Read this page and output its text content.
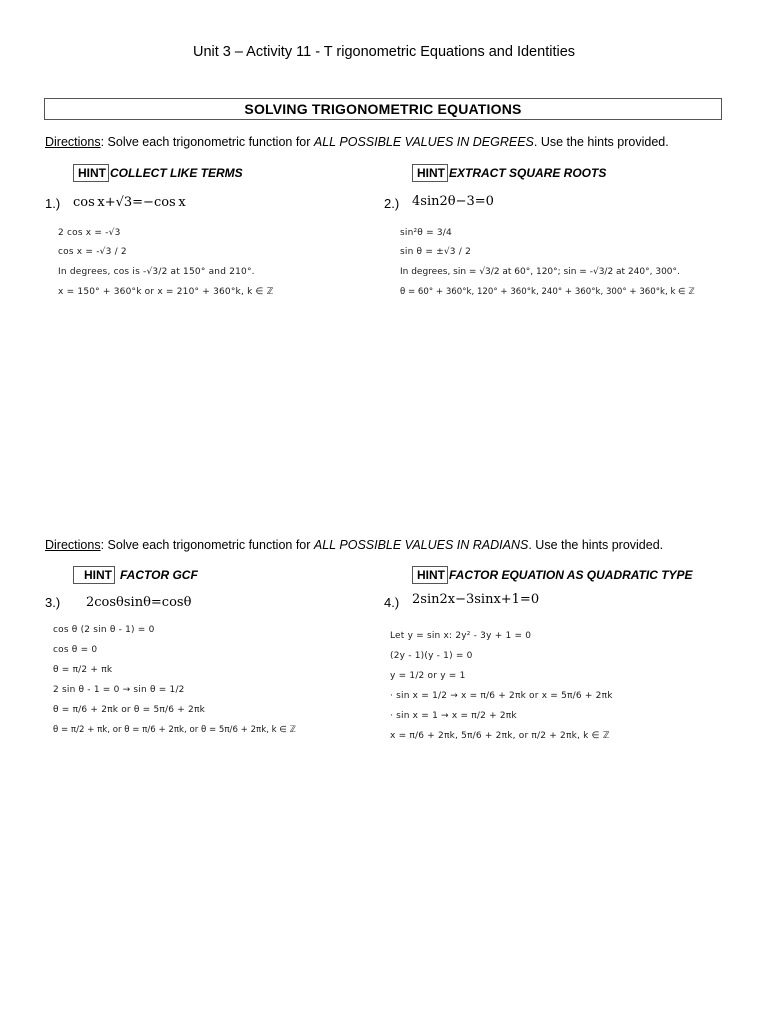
Unit 3 – Activity 11 - T rigonometric Equations and Identities
SOLVING TRIGONOMETRIC EQUATIONS
Directions: Solve each trigonometric function for ALL POSSIBLE VALUES IN DEGREES. Use the hints provided.
HINT COLLECT LIKE TERMS
1.) cos x+√3=−cos x
2 cos x = -√3
cos x = -√3 / 2
In degrees, cos is -√3/2 at 150° and 210°.
x = 150° + 360°k or x = 210° + 360°k, k ∈ ℤ
HINT EXTRACT SQUARE ROOTS
2.) 4sin2θ−3=0
sin²θ = 3/4
sin θ = ±√3 / 2
In degrees, sin = √3/2 at 60°, 120°; sin = -√3/2 at 240°, 300°.
θ = 60° + 360°k, 120° + 360°k, 240° + 360°k, 300° + 360°k, k ∈ ℤ
Directions: Solve each trigonometric function for ALL POSSIBLE VALUES IN RADIANS. Use the hints provided.
HINT FACTOR GCF
3.) 2cosθsinθ=cosθ
cos θ (2 sin θ - 1) = 0
cos θ = 0
θ = π/2 + πk
2 sin θ - 1 = 0 → sin θ = 1/2
θ = π/6 + 2πk or θ = 5π/6 + 2πk
θ = π/2 + πk, or θ = π/6 + 2πk, or θ = 5π/6 + 2πk, k ∈ ℤ
HINT FACTOR EQUATION AS QUADRATIC TYPE
4.) 2sin2x−3sinx+1=0
Let y = sin x: 2y² - 3y + 1 = 0
(2y - 1)(y - 1) = 0
y = 1/2 or y = 1
· sin x = 1/2 → x = π/6 + 2πk or x = 5π/6 + 2πk
· sin x = 1 → x = π/2 + 2πk
x = π/6 + 2πk, 5π/6 + 2πk, or π/2 + 2πk, k ∈ ℤ
